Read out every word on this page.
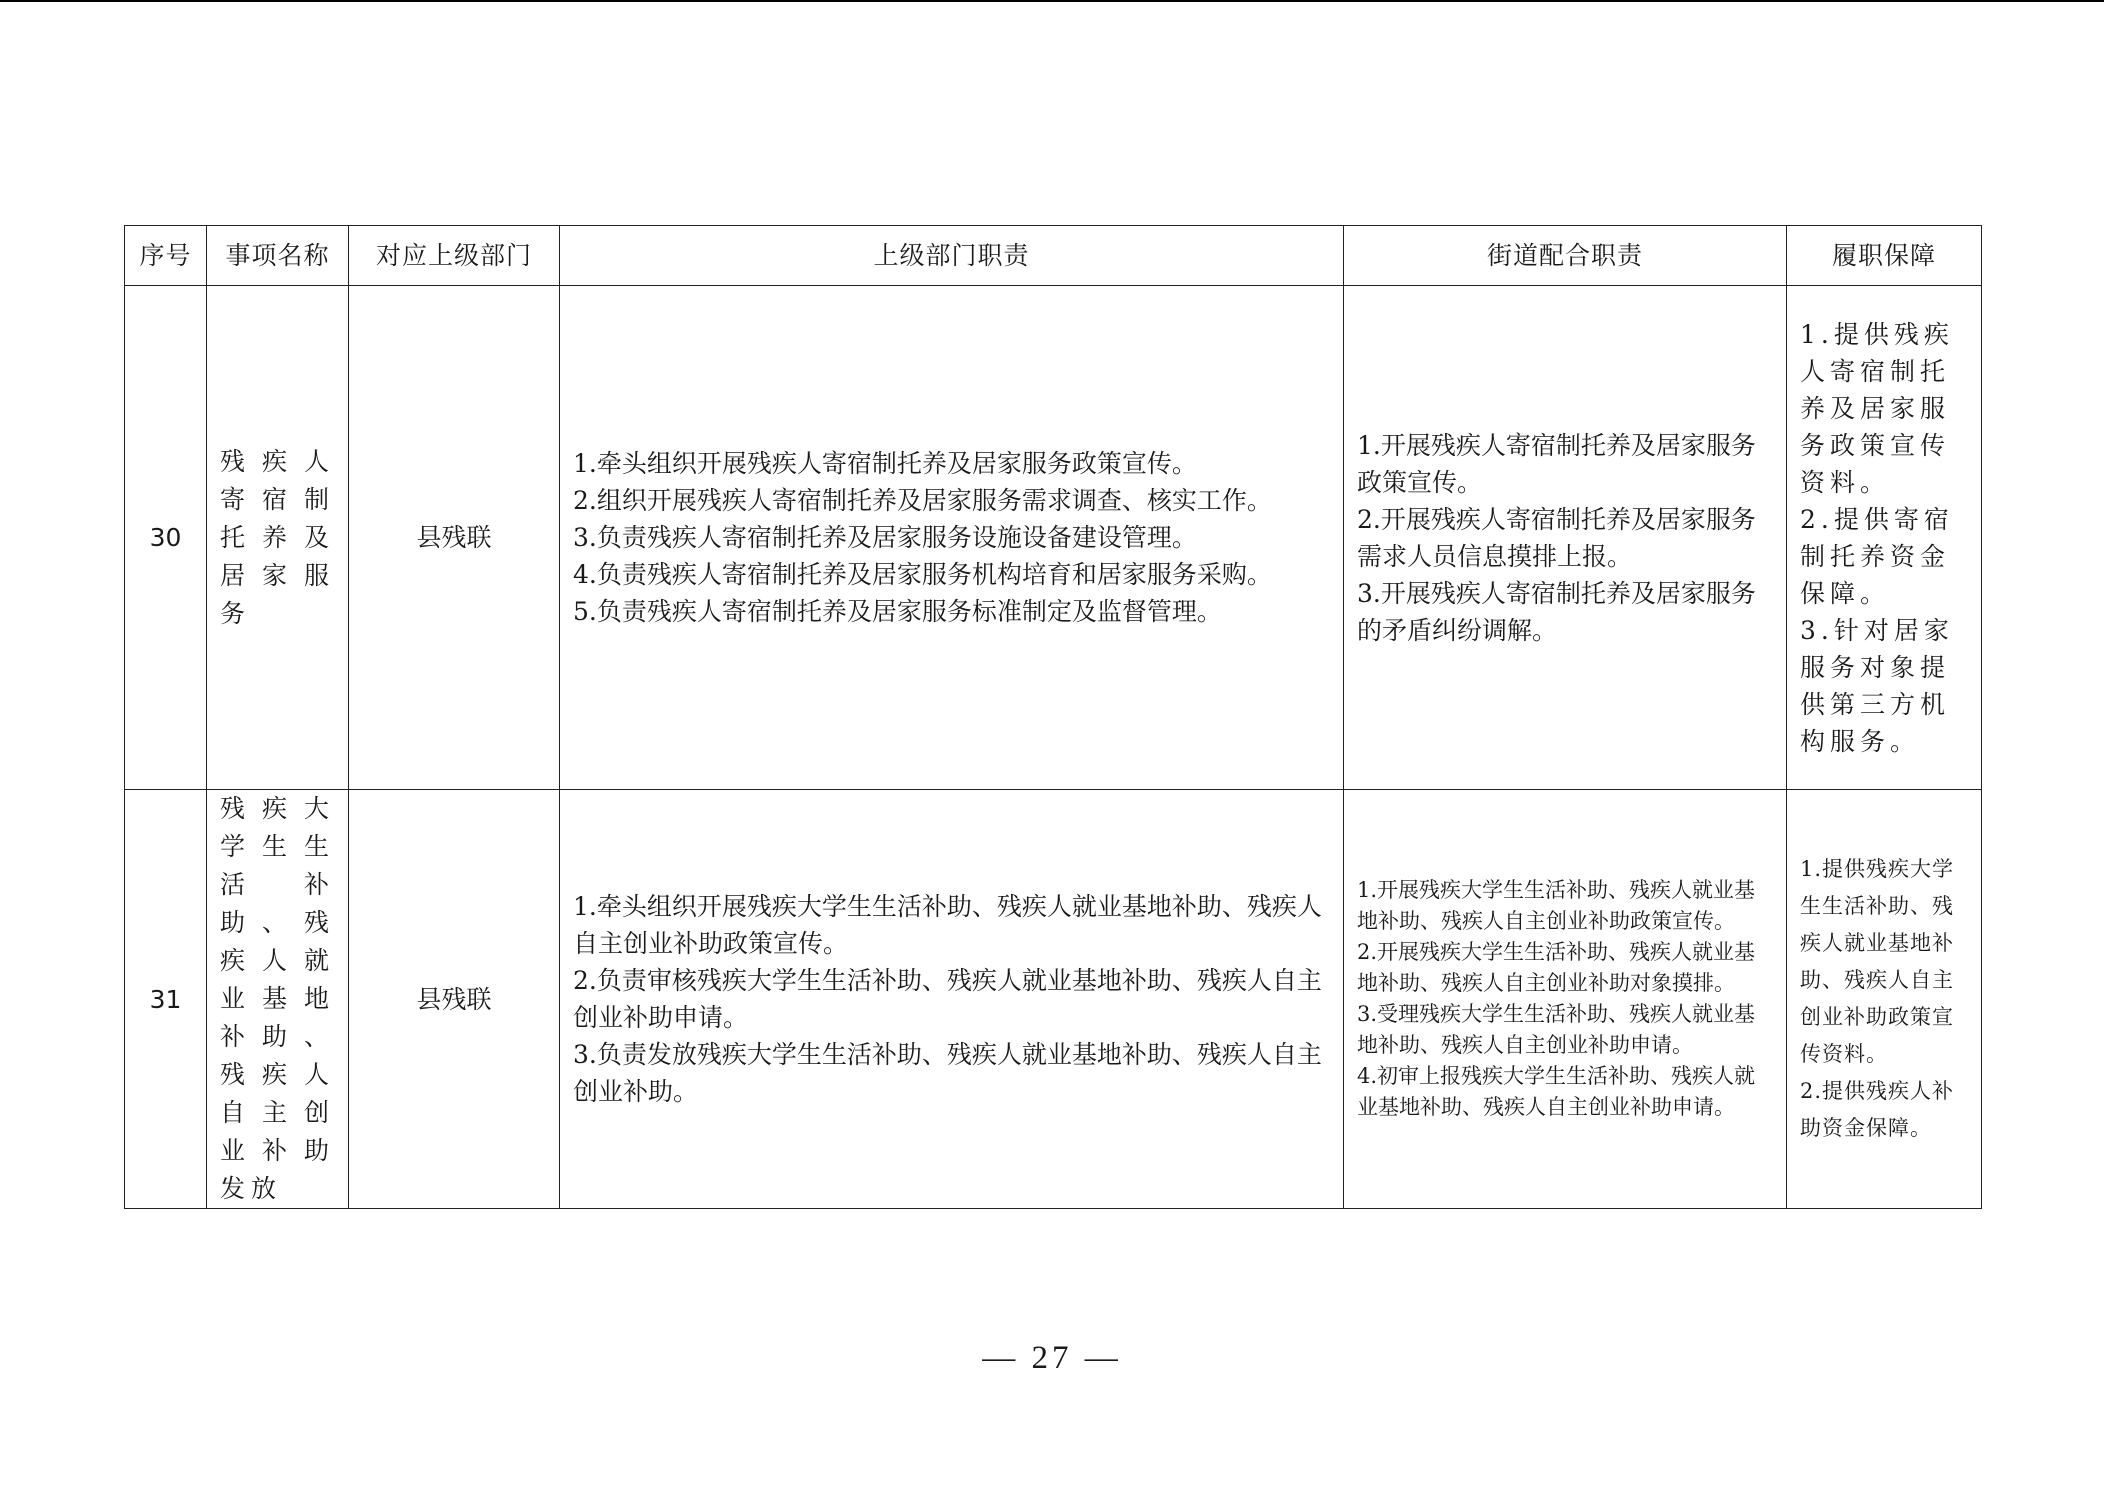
序号	事项名称	对应上级部门	上级部门职责	街道配合职责	履职保障
30	残疾人寄宿制托养及居家服务	县残联	1.牵头组织开展残疾人寄宿制托养及居家服务政策宣传。
2.组织开展残疾人寄宿制托养及居家服务需求调查、核实工作。
3.负责残疾人寄宿制托养及居家服务设施设备建设管理。
4.负责残疾人寄宿制托养及居家服务机构培育和居家服务采购。
5.负责残疾人寄宿制托养及居家服务标准制定及监督管理。	1.开展残疾人寄宿制托养及居家服务政策宣传。
2.开展残疾人寄宿制托养及居家服务需求人员信息摸排上报。
3.开展残疾人寄宿制托养及居家服务的矛盾纠纷调解。	1.提供残疾人寄宿制托养及居家服务政策宣传资料。
2.提供寄宿制托养资金保障。
3.针对居家服务对象提供第三方机构服务。

31	残疾大学生生活补助、残疾人就业基地补助、残疾人自主创业补助发放	县残联	1.牵头组织开展残疾大学生生活补助、残疾人就业基地补助、残疾人自主创业补助政策宣传。
2.负责审核残疾大学生生活补助、残疾人就业基地补助、残疾人自主创业补助申请。
3.负责发放残疾大学生生活补助、残疾人就业基地补助、残疾人自主创业补助。	1.开展残疾大学生生活补助、残疾人就业基地补助、残疾人自主创业补助政策宣传。
2.开展残疾大学生生活补助、残疾人就业基地补助、残疾人自主创业补助对象摸排。
3.受理残疾大学生生活补助、残疾人就业基地补助、残疾人自主创业补助申请。
4.初审上报残疾大学生生活补助、残疾人就业基地补助、残疾人自主创业补助申请。	1.提供残疾大学生生活补助、残疾人就业基地补助、残疾人自主创业补助政策宣传资料。
2.提供残疾人补助资金保障。
— 27 —
